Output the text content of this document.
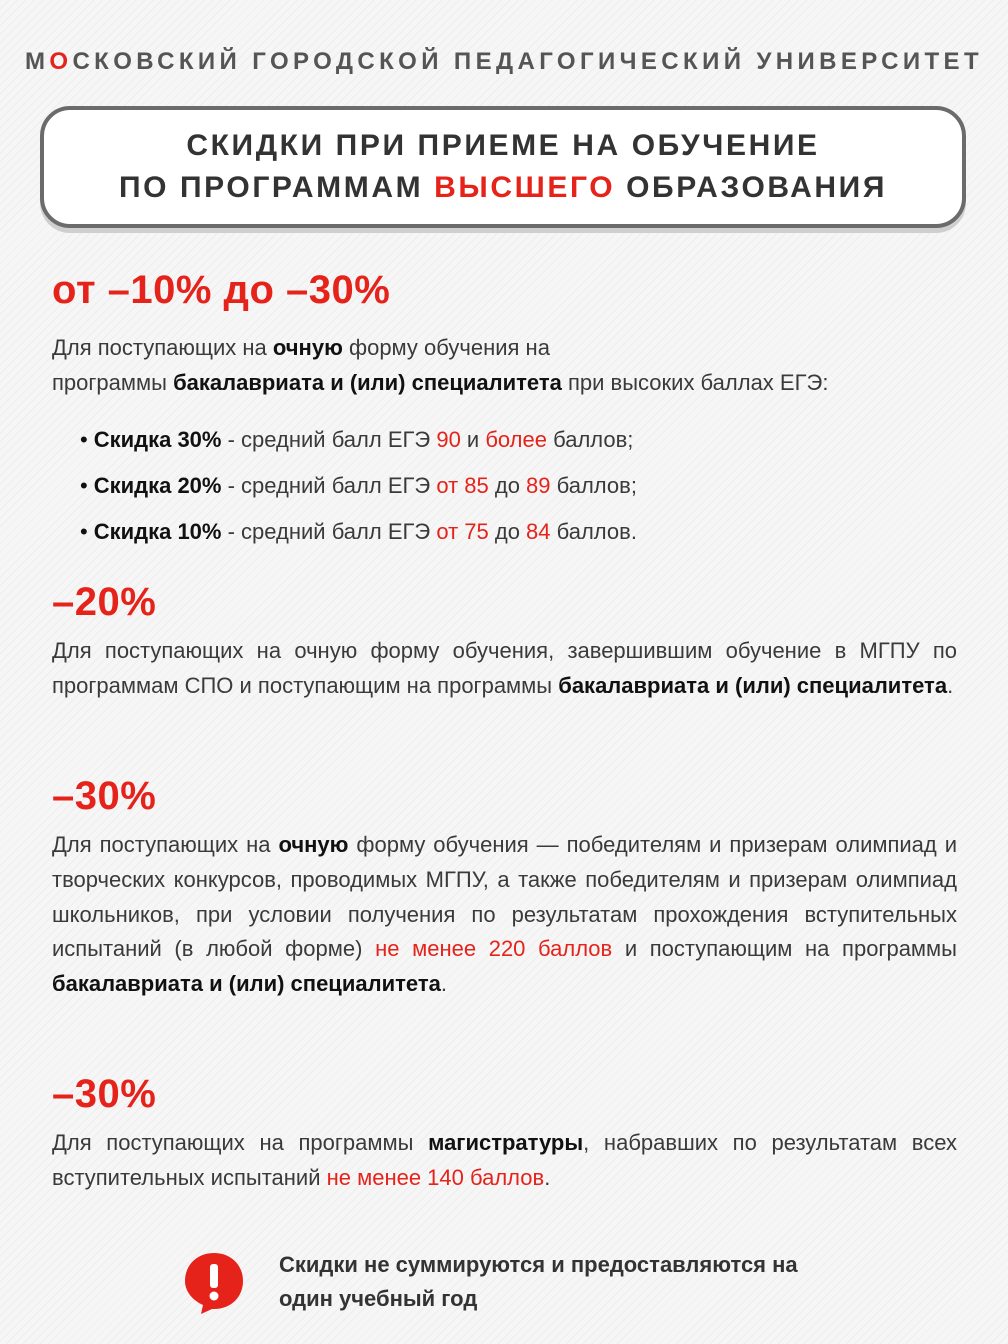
МОСКОВСКИЙ ГОРОДСКОЙ ПЕДАГОГИЧЕСКИЙ УНИВЕРСИТЕТ
СКИДКИ ПРИ ПРИЕМЕ НА ОБУЧЕНИЕ
ПО ПРОГРАММАМ ВЫСШЕГО ОБРАЗОВАНИЯ
от –10% до –30%
Для поступающих на очную форму обучения на
программы бакалавриата и (или) специалитета при высоких баллах ЕГЭ:
• Скидка 30% - средний балл ЕГЭ 90 и более баллов;
• Скидка 20% - средний балл ЕГЭ от 85 до 89 баллов;
• Скидка 10% - средний балл ЕГЭ от 75 до 84 баллов.
–20%
Для поступающих на очную форму обучения, завершившим обучение в МГПУ по программам СПО и поступающим на программы бакалавриата и (или) специалитета.
–30%
Для поступающих на очную форму обучения — победителям и призерам олимпиад и творческих конкурсов, проводимых МГПУ, а также победителям и призерам олимпиад школьников, при условии получения по результатам прохождения вступительных испытаний (в любой форме) не менее 220 баллов и поступающим на программы бакалавриата и (или) специалитета.
–30%
Для поступающих на программы магистратуры, набравших по результатам всех вступительных испытаний не менее 140 баллов.
Скидки не суммируются и предоставляются на
один учебный год
